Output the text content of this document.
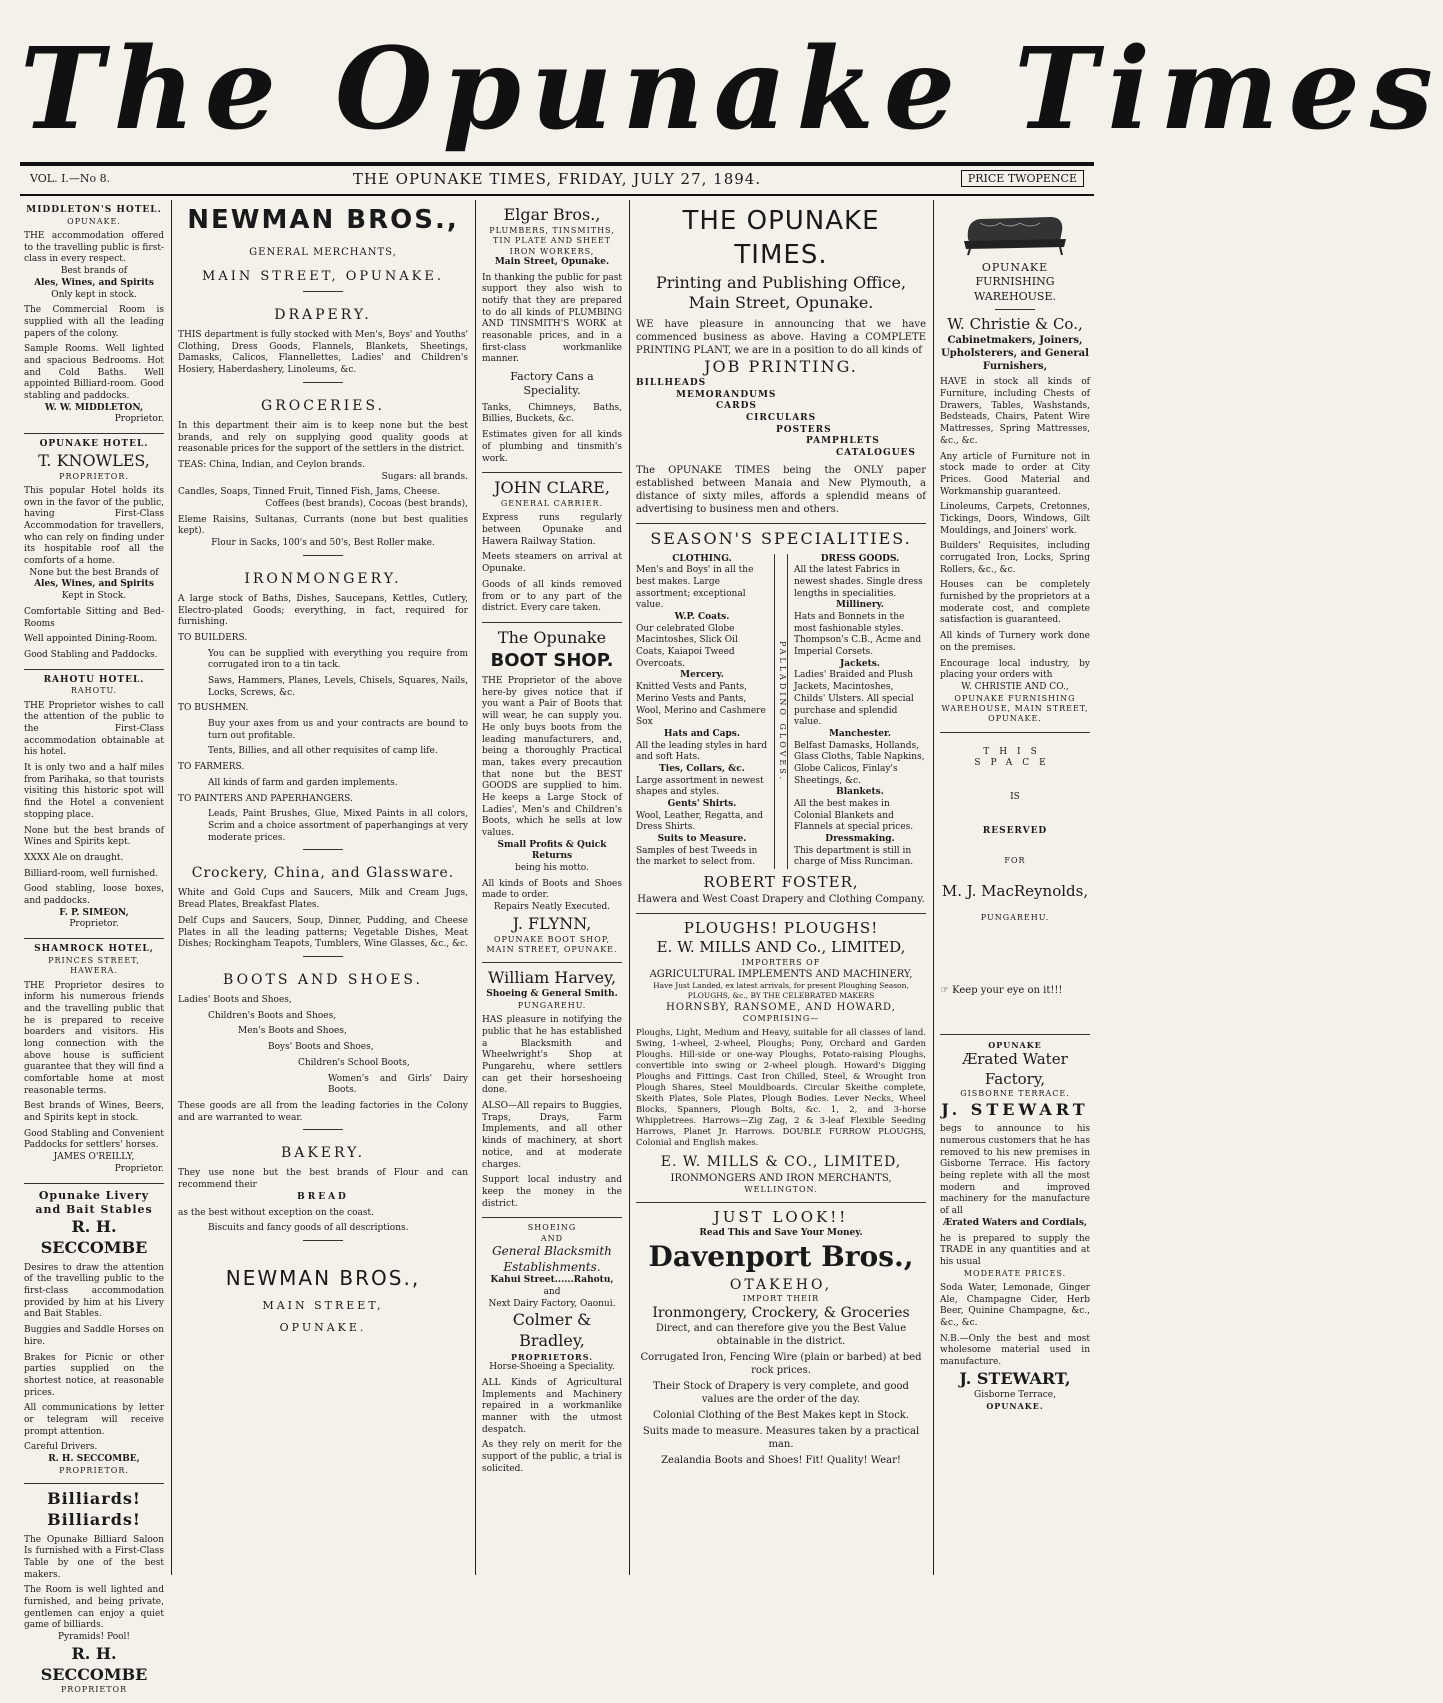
The Opunake Times
VOL. I.—No 8.	THE OPUNAKE TIMES, FRIDAY, JULY 27, 1894.	PRICE TWOPENCE
MIDDLETON'S HOTEL.
OPUNAKE.
THE accommodation offered to the travelling public is first-class in every respect.
Best brands of
Ales, Wines, and Spirits
Only kept in stock.
The Commercial Room is supplied with all the leading papers of the colony.
Sample Rooms. Well lighted and spacious Bedrooms. Hot and Cold Baths. Well appointed Billiard-room. Good stabling and paddocks.
W. W. MIDDLETON,
Proprietor.
OPUNAKE HOTEL.
T. KNOWLES,
PROPRIETOR.
This popular Hotel holds its own in the favor of the public, having First-Class Accommodation for travellers, who can rely on finding under its hospitable roof all the comforts of a home.
None but the best Brands of
Ales, Wines, and Spirits
Kept in Stock.
Comfortable Sitting and Bed-Rooms
Well appointed Dining-Room.
Good Stabling and Paddocks.
RAHOTU HOTEL.
RAHOTU.
THE Proprietor wishes to call the attention of the public to the First-Class accommodation obtainable at his hotel.
It is only two and a half miles from Parihaka, so that tourists visiting this historic spot will find the Hotel a convenient stopping place.
None but the best brands of Wines and Spirits kept.
XXXX Ale on draught.
Billiard-room, well furnished.
Good stabling, loose boxes, and paddocks.
F. P. SIMEON,
Proprietor.
SHAMROCK HOTEL,
PRINCES STREET, HAWERA.
THE Proprietor desires to inform his numerous friends and the travelling public that he is prepared to receive boarders and visitors. His long connection with the above house is sufficient guarantee that they will find a comfortable home at most reasonable terms.
Best brands of Wines, Beers, and Spirits kept in stock.
Good Stabling and Convenient Paddocks for settlers' horses.
JAMES O'REILLY,
Proprietor.
Opunake Livery and Bait Stables
R. H. SECCOMBE
Desires to draw the attention of the travelling public to the first-class accommodation provided by him at his Livery and Bait Stables.
Buggies and Saddle Horses on hire.
Brakes for Picnic or other parties supplied on the shortest notice, at reasonable prices.
All communications by letter or telegram will receive prompt attention.
Careful Drivers.
R. H. SECCOMBE,
PROPRIETOR.
Billiards! Billiards!
The Opunake Billiard Saloon Is furnished with a First-Class Table by one of the best makers.
The Room is well lighted and furnished, and being private, gentlemen can enjoy a quiet game of billiards.
Pyramids! Pool!
R. H. SECCOMBE
PROPRIETOR
NEWMAN BROS.,
GENERAL MERCHANTS,
MAIN STREET, OPUNAKE.
DRAPERY.
THIS department is fully stocked with Men's, Boys' and Youths' Clothing, Dress Goods, Flannels, Blankets, Sheetings, Damasks, Calicos, Flannellettes, Ladies' and Children's Hosiery, Haberdashery, Linoleums, &c.
GROCERIES.
In this department their aim is to keep none but the best brands, and rely on supplying good quality goods at reasonable prices for the support of the settlers in the district.
TEAS: China, Indian, and Ceylon brands.
Sugars: all brands.
Candles, Soaps, Tinned Fruit, Tinned Fish, Jams, Cheese.
Coffees (best brands), Cocoas (best brands),
Eleme Raisins, Sultanas, Currants (none but best qualities kept).
Flour in Sacks, 100's and 50's, Best Roller make.
IRONMONGERY.
A large stock of Baths, Dishes, Saucepans, Kettles, Cutlery, Electro-plated Goods; everything, in fact, required for furnishing.
TO BUILDERS.
You can be supplied with everything you require from corrugated iron to a tin tack.
Saws, Hammers, Planes, Levels, Chisels, Squares, Nails, Locks, Screws, &c.
TO BUSHMEN.
Buy your axes from us and your contracts are bound to turn out profitable.
Tents, Billies, and all other requisites of camp life.
TO FARMERS.
All kinds of farm and garden implements.
TO PAINTERS AND PAPERHANGERS.
Leads, Paint Brushes, Glue, Mixed Paints in all colors, Scrim and a choice assortment of paperhangings at very moderate prices.
Crockery, China, and Glassware.
White and Gold Cups and Saucers, Milk and Cream Jugs, Bread Plates, Breakfast Plates.
Delf Cups and Saucers, Soup, Dinner, Pudding, and Cheese Plates in all the leading patterns; Vegetable Dishes, Meat Dishes; Rockingham Teapots, Tumblers, Wine Glasses, &c., &c.
BOOTS AND SHOES.
Ladies' Boots and Shoes,
Children's Boots and Shoes,
Men's Boots and Shoes,
Boys' Boots and Shoes,
Children's School Boots,
Women's and Girls' Dairy Boots.
These goods are all from the leading factories in the Colony and are warranted to wear.
BAKERY.
They use none but the best brands of Flour and can recommend their
BREAD
as the best without exception on the coast.
Biscuits and fancy goods of all descriptions.
NEWMAN BROS.,
MAIN STREET,
OPUNAKE.
Elgar Bros.,
PLUMBERS, TINSMITHS, TIN PLATE AND SHEET IRON WORKERS,
Main Street, Opunake.
In thanking the public for past support they also wish to notify that they are prepared to do all kinds of PLUMBING AND TINSMITH'S WORK at reasonable prices, and in a first-class workmanlike manner.
Factory Cans a Speciality.
Tanks, Chimneys, Baths, Billies, Buckets, &c.
Estimates given for all kinds of plumbing and tinsmith's work.
JOHN CLARE,
GENERAL CARRIER.
Express runs regularly between Opunake and Hawera Railway Station.
Meets steamers on arrival at Opunake.
Goods of all kinds removed from or to any part of the district. Every care taken.
The Opunake
BOOT SHOP.
THE Proprietor of the above here-by gives notice that if you want a Pair of Boots that will wear, he can supply you. He only buys boots from the leading manufacturers, and, being a thoroughly Practical man, takes every precaution that none but the BEST GOODS are supplied to him. He keeps a Large Stock of Ladies', Men's and Children's Boots, which he sells at low values.
Small Profits & Quick Returns
being his motto.
All kinds of Boots and Shoes made to order.
Repairs Neatly Executed.
J. FLYNN,
OPUNAKE BOOT SHOP, MAIN STREET, OPUNAKE.
William Harvey,
Shoeing & General Smith.
PUNGAREHU.
HAS pleasure in notifying the public that he has established a Blacksmith and Wheelwright's Shop at Pungarehu, where settlers can get their horseshoeing done.
ALSO—All repairs to Buggies, Traps, Drays, Farm Implements, and all other kinds of machinery, at short notice, and at moderate charges.
Support local industry and keep the money in the district.
SHOEING
AND
General Blacksmith Establishments.
Kahui Street......Rahotu,
and
Next Dairy Factory, Oaonui.
Colmer & Bradley,
PROPRIETORS.
Horse-Shoeing a Speciality.
ALL Kinds of Agricultural Implements and Machinery repaired in a workmanlike manner with the utmost despatch.
As they rely on merit for the support of the public, a trial is solicited.
THE OPUNAKE TIMES.
Printing and Publishing Office,
Main Street, Opunake.
WE have pleasure in announcing that we have commenced business as above. Having a COMPLETE PRINTING PLANT, we are in a position to do all kinds of
JOB PRINTING.
BILLHEADS
MEMORANDUMS
CARDS
CIRCULARS
POSTERS
PAMPHLETS
CATALOGUES
The OPUNAKE TIMES being the ONLY paper established between Manaia and New Plymouth, a distance of sixty miles, affords a splendid means of advertising to business men and others.
SEASON'S SPECIALITIES.
CLOTHING.
Men's and Boys' in all the best makes. Large assortment; exceptional value.
W.P. Coats.
Our celebrated Globe Macintoshes, Slick Oil Coats, Kaiapoi Tweed Overcoats.
Mercery.
Knitted Vests and Pants, Merino Vests and Pants, Wool, Merino and Cashmere Sox
Hats and Caps.
All the leading styles in hard and soft Hats.
Ties, Collars, &c.
Large assortment in newest shapes and styles.
Gents' Shirts.
Wool, Leather, Regatta, and Dress Shirts.
Suits to Measure.
Samples of best Tweeds in the market to select from.
PALLADINO GLOVES.
DRESS GOODS.
All the latest Fabrics in newest shades. Single dress lengths in specialities.
Millinery.
Hats and Bonnets in the most fashionable styles. Thompson's C.B., Acme and Imperial Corsets.
Jackets.
Ladies' Braided and Plush Jackets, Macintoshes, Childs' Ulsters. All special purchase and splendid value.
Manchester.
Belfast Damasks, Hollands, Glass Cloths, Table Napkins, Globe Calicos, Finlay's Sheetings, &c.
Blankets.
All the best makes in Colonial Blankets and Flannels at special prices.
Dressmaking.
This department is still in charge of Miss Runciman.
ROBERT FOSTER,
Hawera and West Coast Drapery and Clothing Company.
PLOUGHS! PLOUGHS!
E. W. MILLS AND Co., LIMITED,
IMPORTERS OF
AGRICULTURAL IMPLEMENTS AND MACHINERY,
Have Just Landed, ex latest arrivals, for present Ploughing Season, PLOUGHS, &c., BY THE CELEBRATED MAKERS
HORNSBY, RANSOME, AND HOWARD,
COMPRISING—
Ploughs, Light, Medium and Heavy, suitable for all classes of land. Swing, 1-wheel, 2-wheel, Ploughs; Pony, Orchard and Garden Ploughs. Hill-side or one-way Ploughs, Potato-raising Ploughs, convertible into swing or 2-wheel plough. Howard's Digging Ploughs and Fittings. Cast Iron Chilled, Steel, & Wrought Iron Plough Shares, Steel Mouldboards. Circular Skeithe complete, Skeith Plates, Sole Plates, Plough Bodies. Lever Necks, Wheel Blocks, Spanners, Plough Bolts, &c. 1, 2, and 3-horse Whippletrees. Harrows—Zig Zag, 2 & 3-leaf Flexible Seeding Harrows, Planet Jr. Harrows. DOUBLE FURROW PLOUGHS, Colonial and English makes.
E. W. MILLS & CO., LIMITED,
IRONMONGERS AND IRON MERCHANTS,
WELLINGTON.
JUST LOOK!!
Read This and Save Your Money.
Davenport Bros.,
OTAKEHO,
IMPORT THEIR
Ironmongery, Crockery, & Groceries
Direct, and can therefore give you the Best Value obtainable in the district.
Corrugated Iron, Fencing Wire (plain or barbed) at bed rock prices.
Their Stock of Drapery is very complete, and good values are the order of the day.
Colonial Clothing of the Best Makes kept in Stock.
Suits made to measure. Measures taken by a practical man.
Zealandia Boots and Shoes! Fit! Quality! Wear!
OPUNAKE
FURNISHING WAREHOUSE.
W. Christie & Co.,
Cabinetmakers, Joiners, Upholsterers, and General Furnishers,
HAVE in stock all kinds of Furniture, including Chests of Drawers, Tables, Washstands, Bedsteads, Chairs, Patent Wire Mattresses, Spring Mattresses, &c., &c.
Any article of Furniture not in stock made to order at City Prices. Good Material and Workmanship guaranteed.
Linoleums, Carpets, Cretonnes, Tickings, Doors, Windows, Gilt Mouldings, and Joiners' work.
Builders' Requisites, including corrugated Iron, Locks, Spring Rollers, &c., &c.
Houses can be completely furnished by the proprietors at a moderate cost, and complete satisfaction is guaranteed.
All kinds of Turnery work done on the premises.
Encourage local industry, by placing your orders with
W. CHRISTIE AND CO.,
OPUNAKE FURNISHING WAREHOUSE, MAIN STREET, OPUNAKE.
THIS SPACE
IS
RESERVED
FOR
M. J. MacReynolds,
PUNGAREHU.
☞ Keep your eye on it!!!
OPUNAKE
Ærated Water Factory,
GISBORNE TERRACE.
J. STEWART
begs to announce to his numerous customers that he has removed to his new premises in Gisborne Terrace. His factory being replete with all the most modern and improved machinery for the manufacture of all
Ærated Waters and Cordials,
he is prepared to supply the TRADE in any quantities and at his usual
MODERATE PRICES.
Soda Water, Lemonade, Ginger Ale, Champagne Cider, Herb Beer, Quinine Champagne, &c., &c., &c.
N.B.—Only the best and most wholesome material used in manufacture.
J. STEWART,
Gisborne Terrace,
OPUNAKE.
